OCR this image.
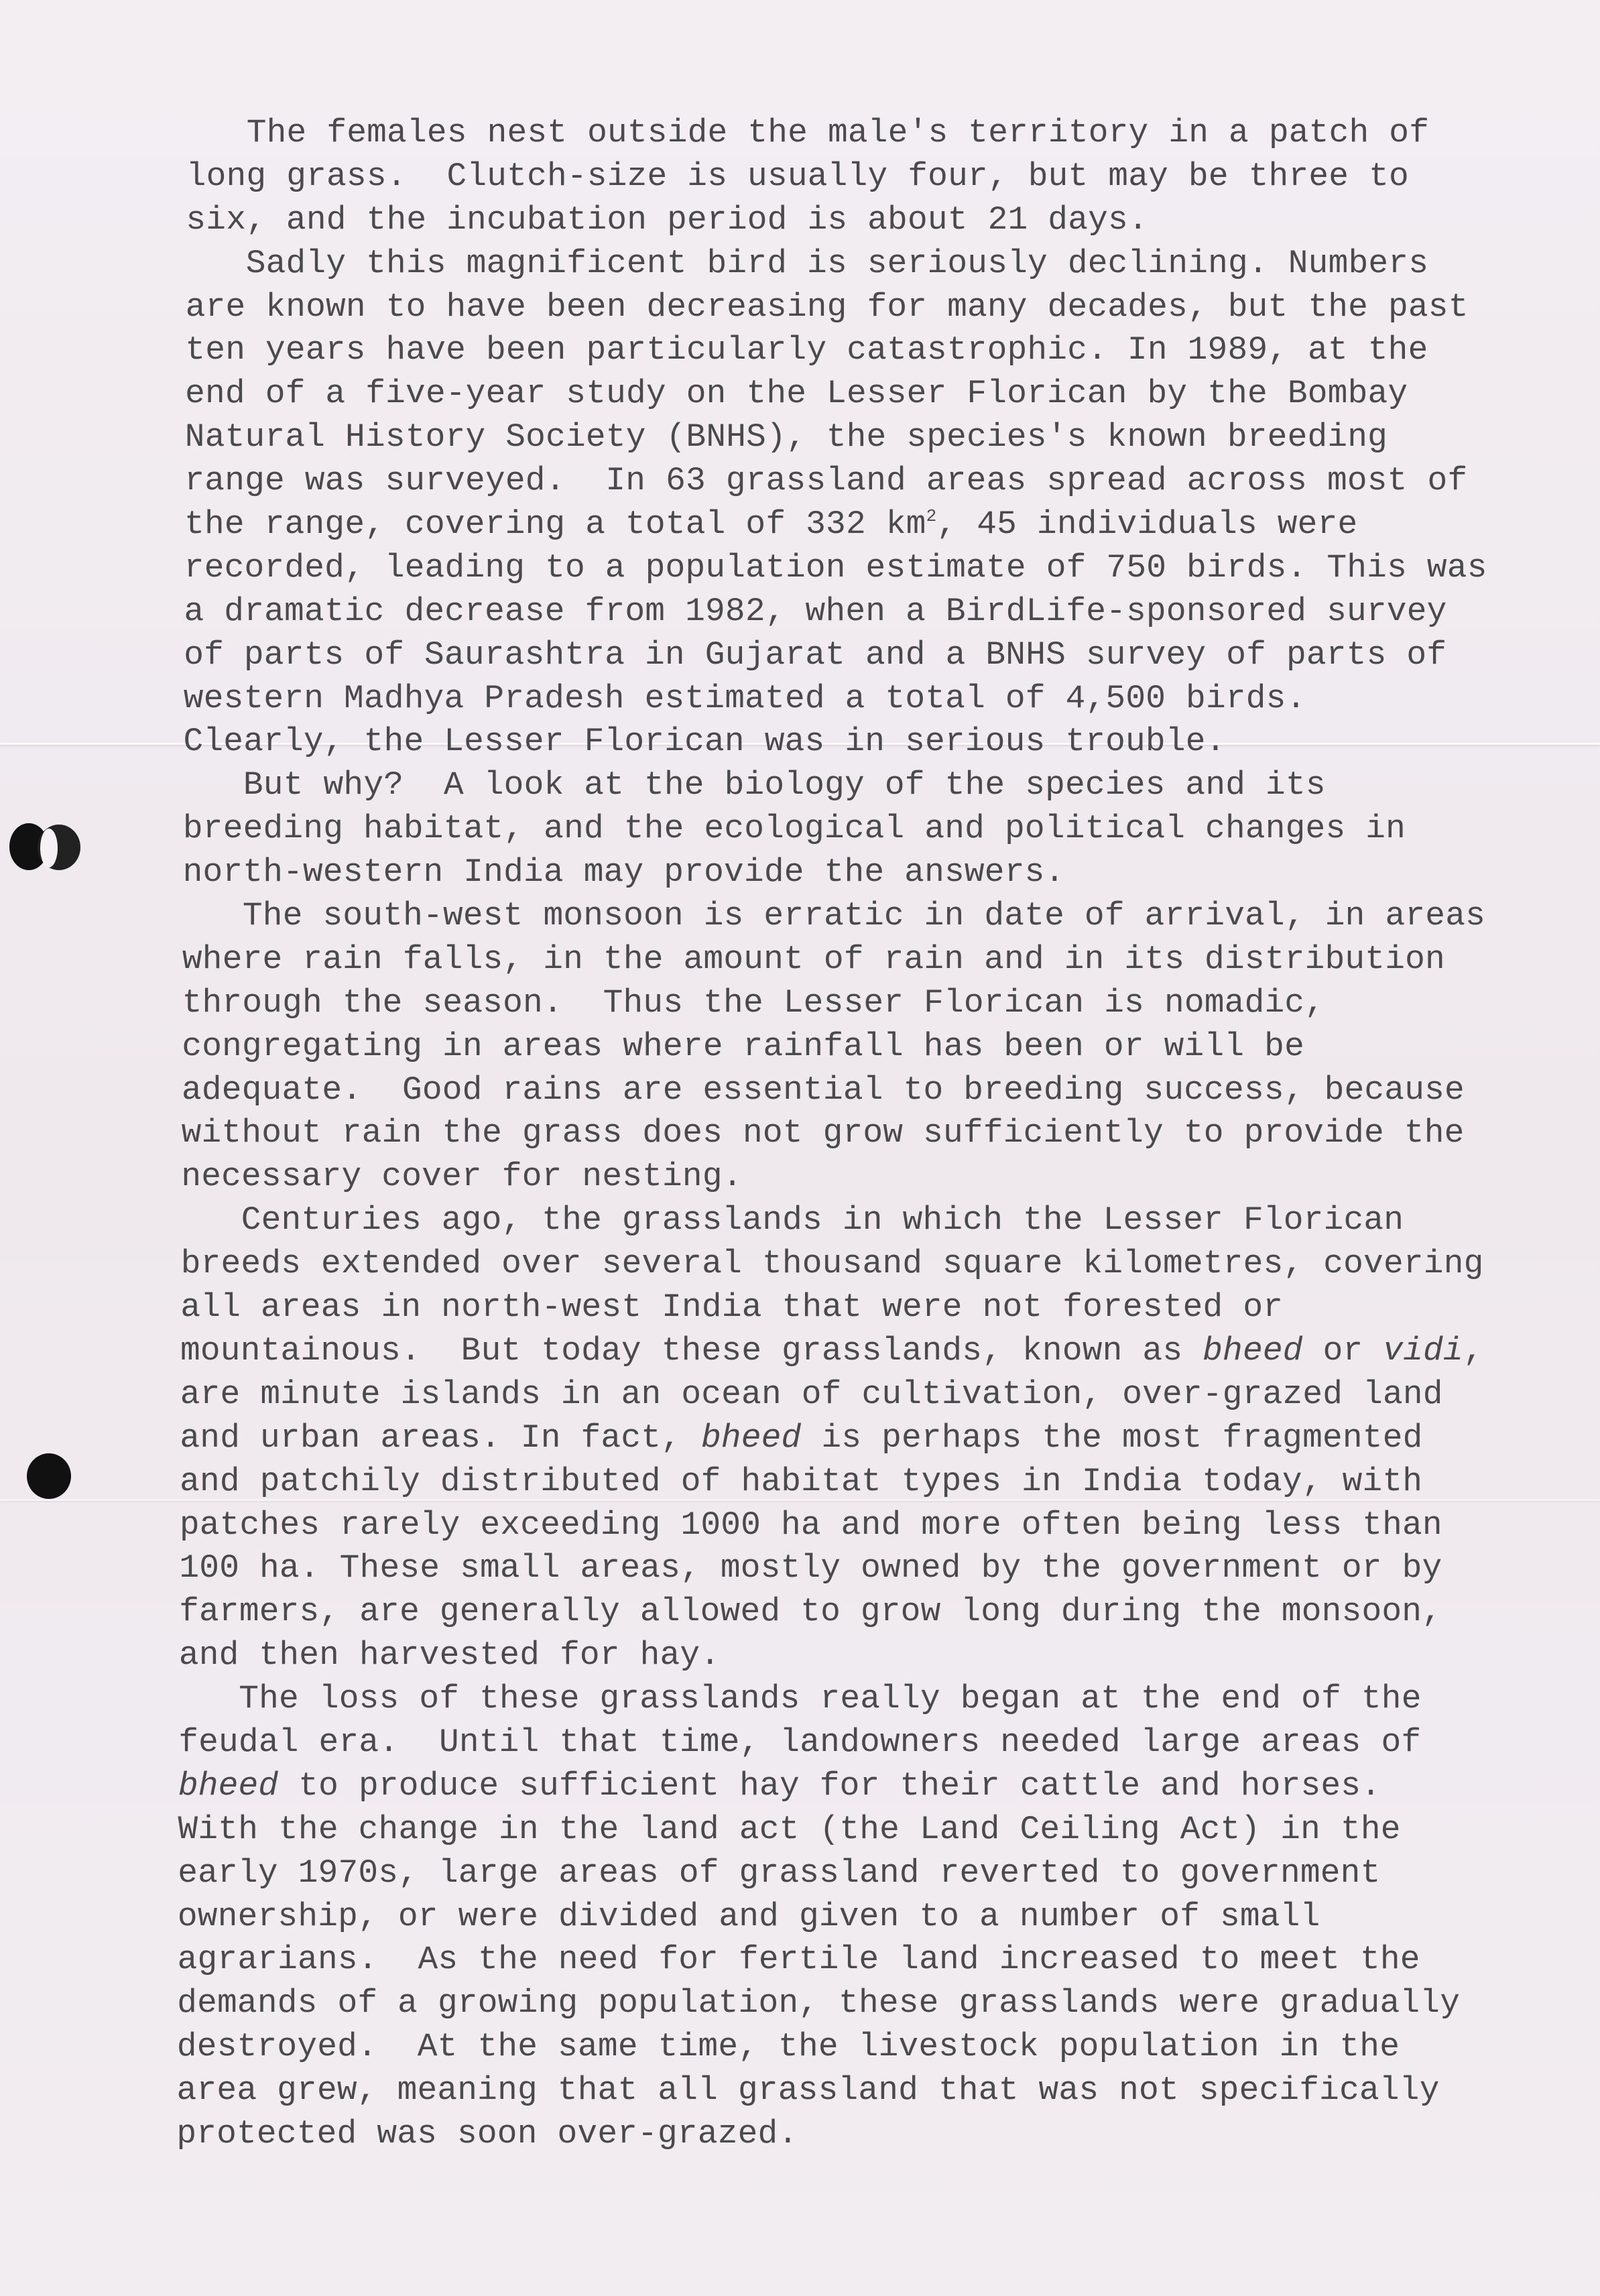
The females nest outside the male's territory in a patch of
long grass.  Clutch-size is usually four, but may be three to
six, and the incubation period is about 21 days.
Sadly this magnificent bird is seriously declining. Numbers
are known to have been decreasing for many decades, but the past
ten years have been particularly catastrophic. In 1989, at the
end of a five-year study on the Lesser Florican by the Bombay
Natural History Society (BNHS), the species's known breeding
range was surveyed.  In 63 grassland areas spread across most of
the range, covering a total of 332 $km^2$, 45 individuals were
recorded, leading to a population estimate of 750 birds. This was
a dramatic decrease from 1982, when a BirdLife-sponsored survey
of parts of Saurashtra in Gujarat and a BNHS survey of parts of
western Madhya Pradesh estimated a total of 4,500 birds.
Clearly, the Lesser Florican was in serious trouble.
But why?  A look at the biology of the species and its
breeding habitat, and the ecological and political changes in
north-western India may provide the answers.
The south-west monsoon is erratic in date of arrival, in areas
where rain falls, in the amount of rain and in its distribution
through the season.  Thus the Lesser Florican is nomadic,
congregating in areas where rainfall has been or will be
adequate.  Good rains are essential to breeding success, because
without rain the grass does not grow sufficiently to provide the
necessary cover for nesting.
Centuries ago, the grasslands in which the Lesser Florican
breeds extended over several thousand square kilometres, covering
all areas in north-west India that were not forested or
mountainous.  But today these grasslands, known as bheed or vidi,
are minute islands in an ocean of cultivation, over-grazed land
and urban areas. In fact, bheed is perhaps the most fragmented
and patchily distributed of habitat types in India today, with
patches rarely exceeding 1000 ha and more often being less than
100 ha. These small areas, mostly owned by the government or by
farmers, are generally allowed to grow long during the monsoon,
and then harvested for hay.
The loss of these grasslands really began at the end of the
feudal era.  Until that time, landowners needed large areas of
bheed to produce sufficient hay for their cattle and horses.
With the change in the land act (the Land Ceiling Act) in the
early 1970s, large areas of grassland reverted to government
ownership, or were divided and given to a number of small
agrarians.  As the need for fertile land increased to meet the
demands of a growing population, these grasslands were gradually
destroyed.  At the same time, the livestock population in the
area grew, meaning that all grassland that was not specifically
protected was soon over-grazed.
